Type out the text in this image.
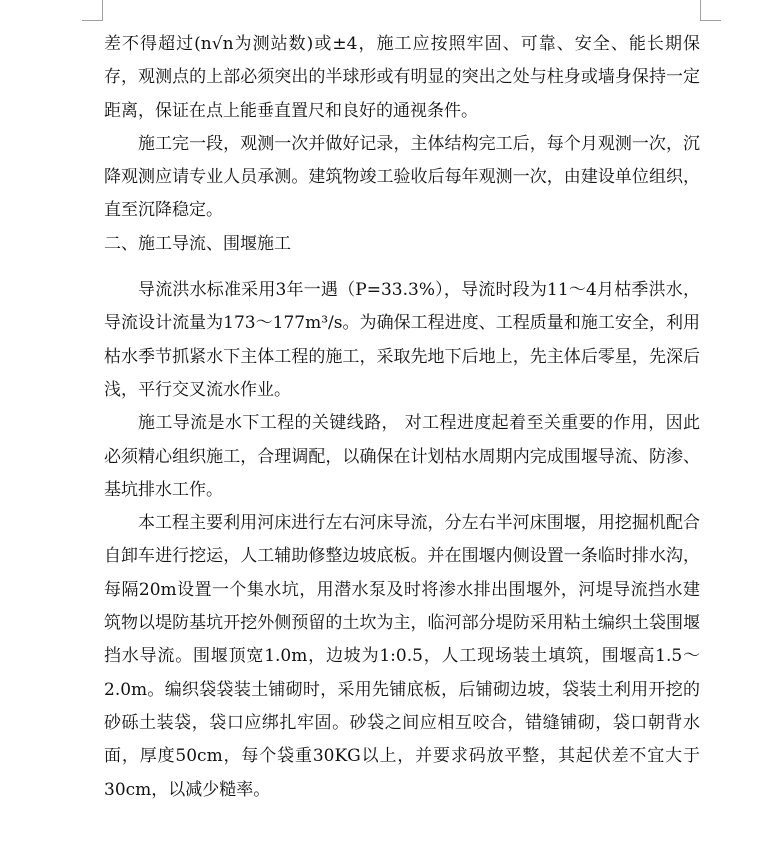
差不得超过(n√n为测站数)或±4，施工应按照牢固、可靠、安全、能长期保存，观测点的上部必须突出的半球形或有明显的突出之处与柱身或墙身保持一定距离，保证在点上能垂直置尺和良好的通视条件。

施工完一段，观测一次并做好记录，主体结构完工后，每个月观测一次，沉降观测应请专业人员承测。建筑物竣工验收后每年观测一次，由建设单位组织，直至沉降稳定。

二、施工导流、围堰施工

导流洪水标准采用3年一遇（P=33.3%），导流时段为11～4月枯季洪水，导流设计流量为173～177m³/s。为确保工程进度、工程质量和施工安全，利用枯水季节抓紧水下主体工程的施工，采取先地下后地上，先主体后零星，先深后浅，平行交叉流水作业。

施工导流是水下工程的关键线路， 对工程进度起着至关重要的作用，因此必须精心组织施工，合理调配，以确保在计划枯水周期内完成围堰导流、防渗、基坑排水工作。

本工程主要利用河床进行左右河床导流，分左右半河床围堰，用挖掘机配合自卸车进行挖运，人工辅助修整边坡底板。并在围堰内侧设置一条临时排水沟，每隔20m设置一个集水坑，用潜水泵及时将渗水排出围堰外，河堤导流挡水建筑物以堤防基坑开挖外侧预留的土坎为主，临河部分堤防采用粘土编织土袋围堰挡水导流。围堰顶宽1.0m，边坡为1:0.5，人工现场装土填筑，围堰高1.5～2.0m。编织袋袋装土铺砌时，采用先铺底板，后铺砌边坡，袋装土利用开挖的砂砾土装袋，袋口应绑扎牢固。砂袋之间应相互咬合，错缝铺砌，袋口朝背水面，厚度50cm，每个袋重30KG以上，并要求码放平整，其起伏差不宜大于30cm，以减少糙率。
